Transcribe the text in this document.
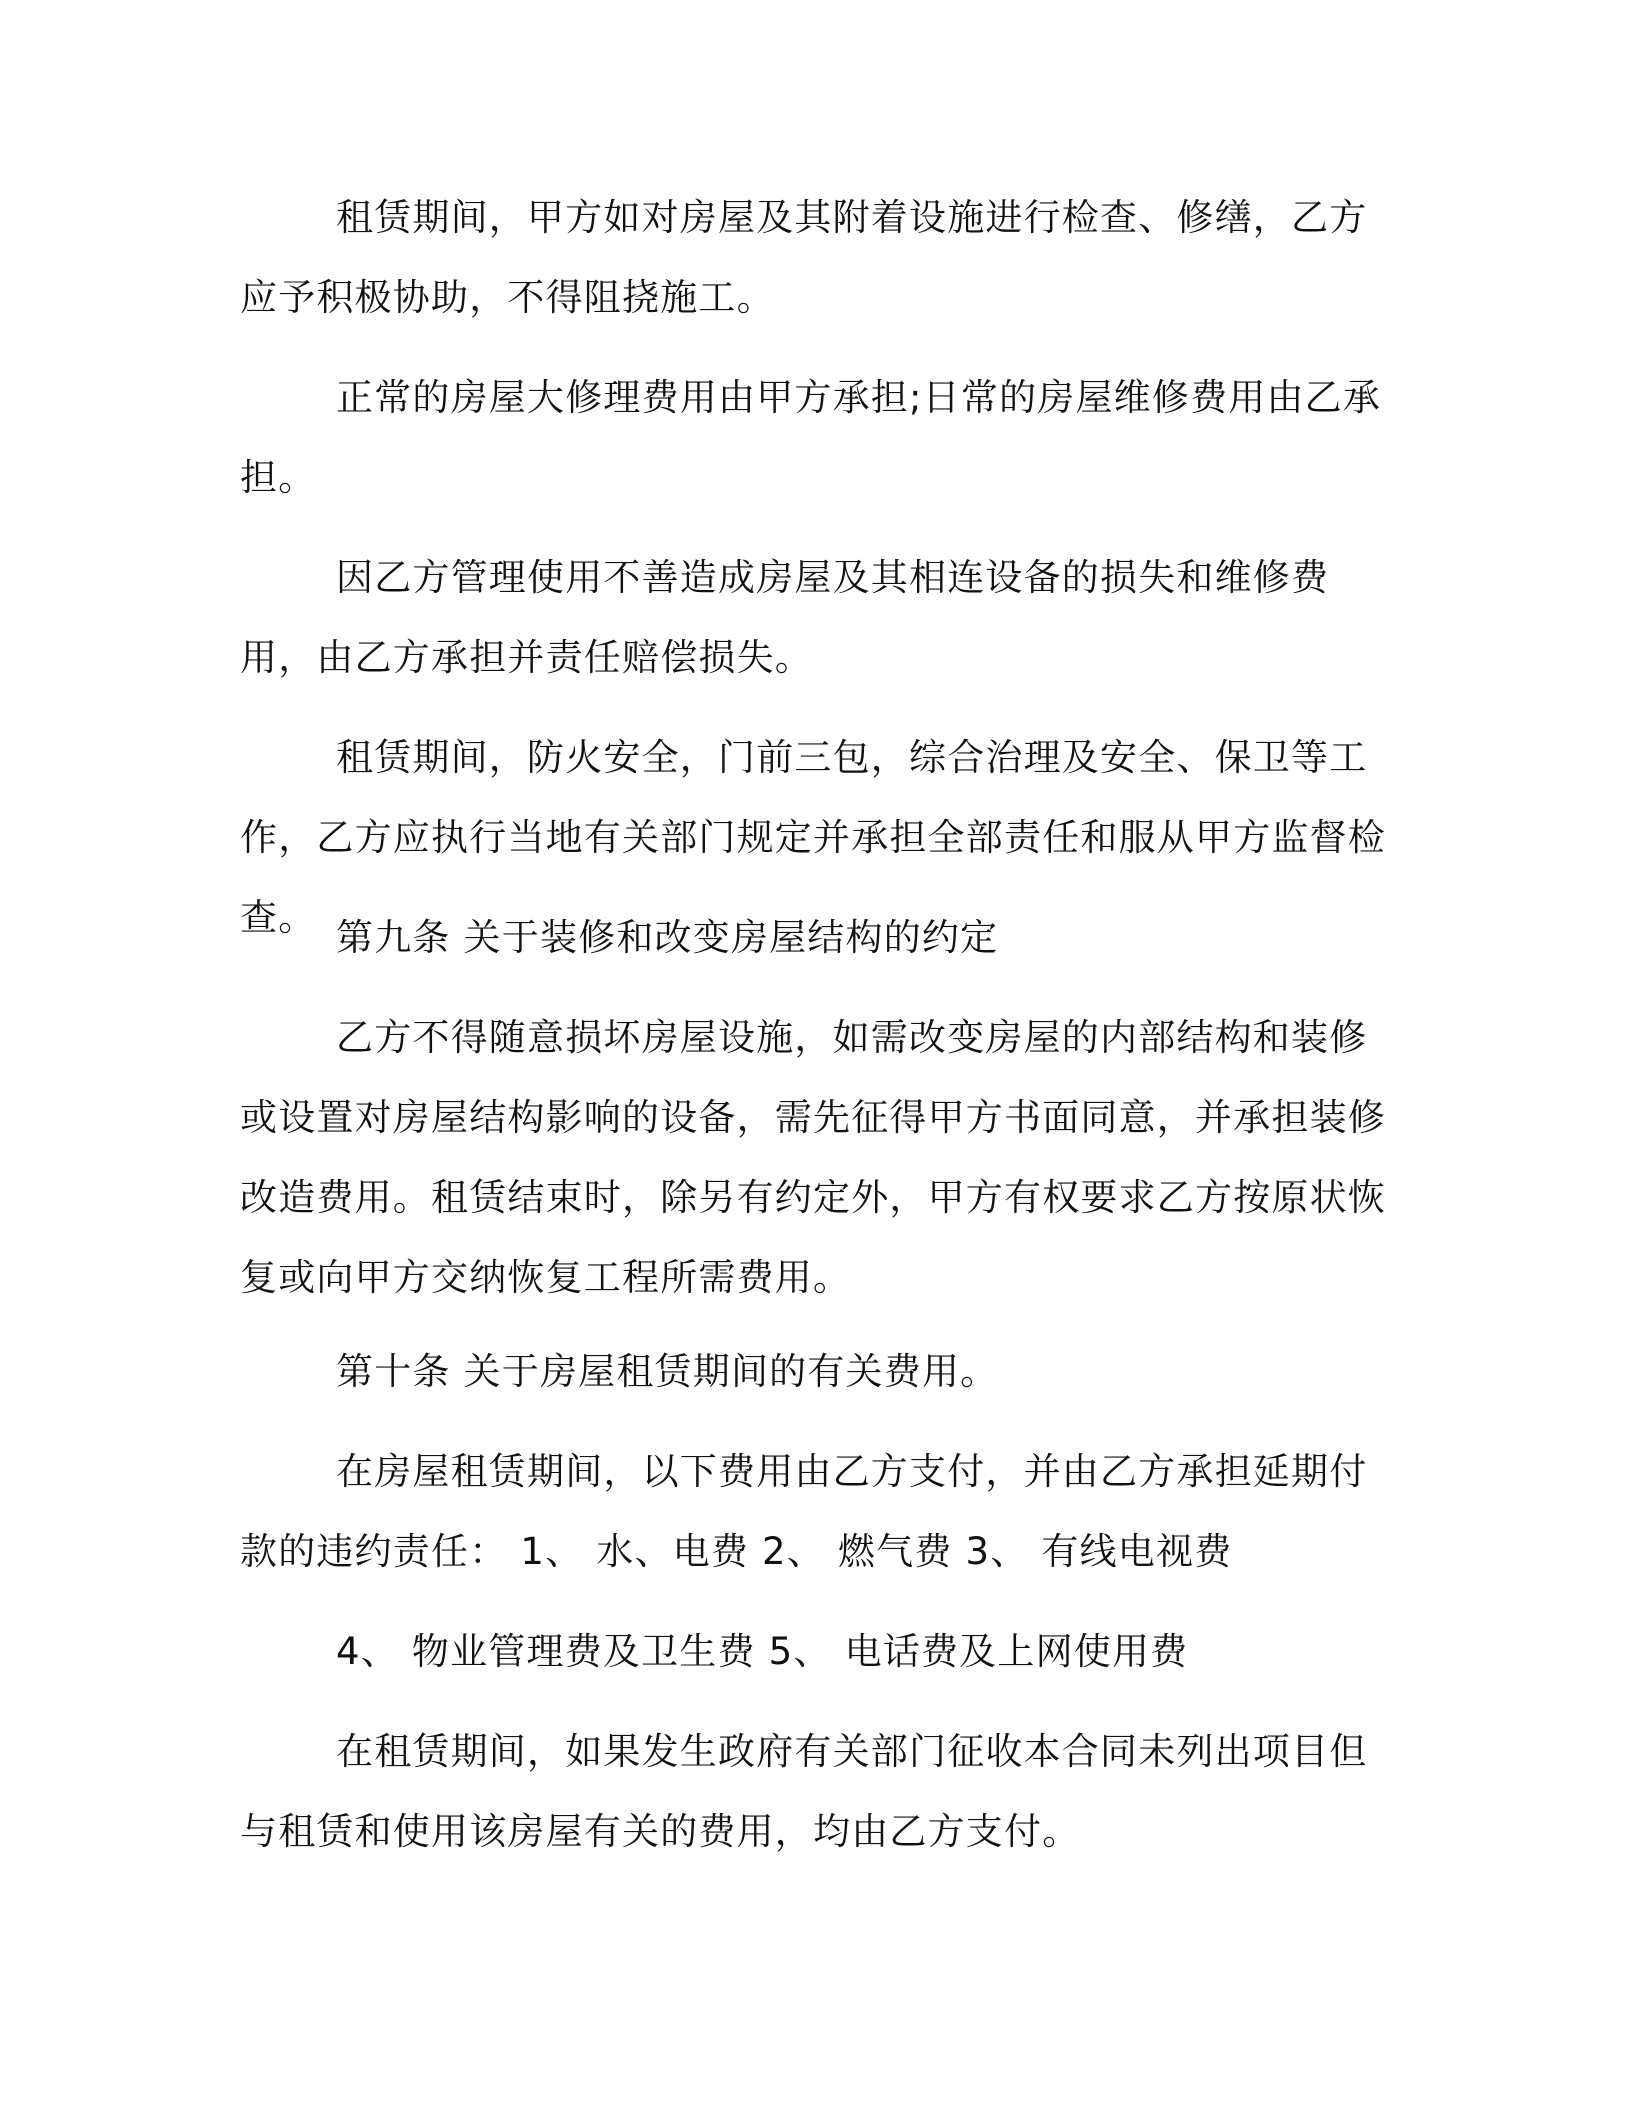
租赁期间，甲方如对房屋及其附着设施进行检查、修缮，乙方应予积极协助，不得阻挠施工。

正常的房屋大修理费用由甲方承担;日常的房屋维修费用由乙承担。

因乙方管理使用不善造成房屋及其相连设备的损失和维修费用，由乙方承担并责任赔偿损失。

租赁期间，防火安全，门前三包，综合治理及安全、保卫等工作，乙方应执行当地有关部门规定并承担全部责任和服从甲方监督检查。 第九条 关于装修和改变房屋结构的约定

乙方不得随意损坏房屋设施，如需改变房屋的内部结构和装修或设置对房屋结构影响的设备，需先征得甲方书面同意，并承担装修改造费用。租赁结束时，除另有约定外，甲方有权要求乙方按原状恢复或向甲方交纳恢复工程所需费用。

第十条 关于房屋租赁期间的有关费用。

在房屋租赁期间，以下费用由乙方支付，并由乙方承担延期付款的违约责任： 1、 水、电费 2、 燃气费 3、 有线电视费

4、 物业管理费及卫生费 5、 电话费及上网使用费

在租赁期间，如果发生政府有关部门征收本合同未列出项目但与租赁和使用该房屋有关的费用，均由乙方支付。
